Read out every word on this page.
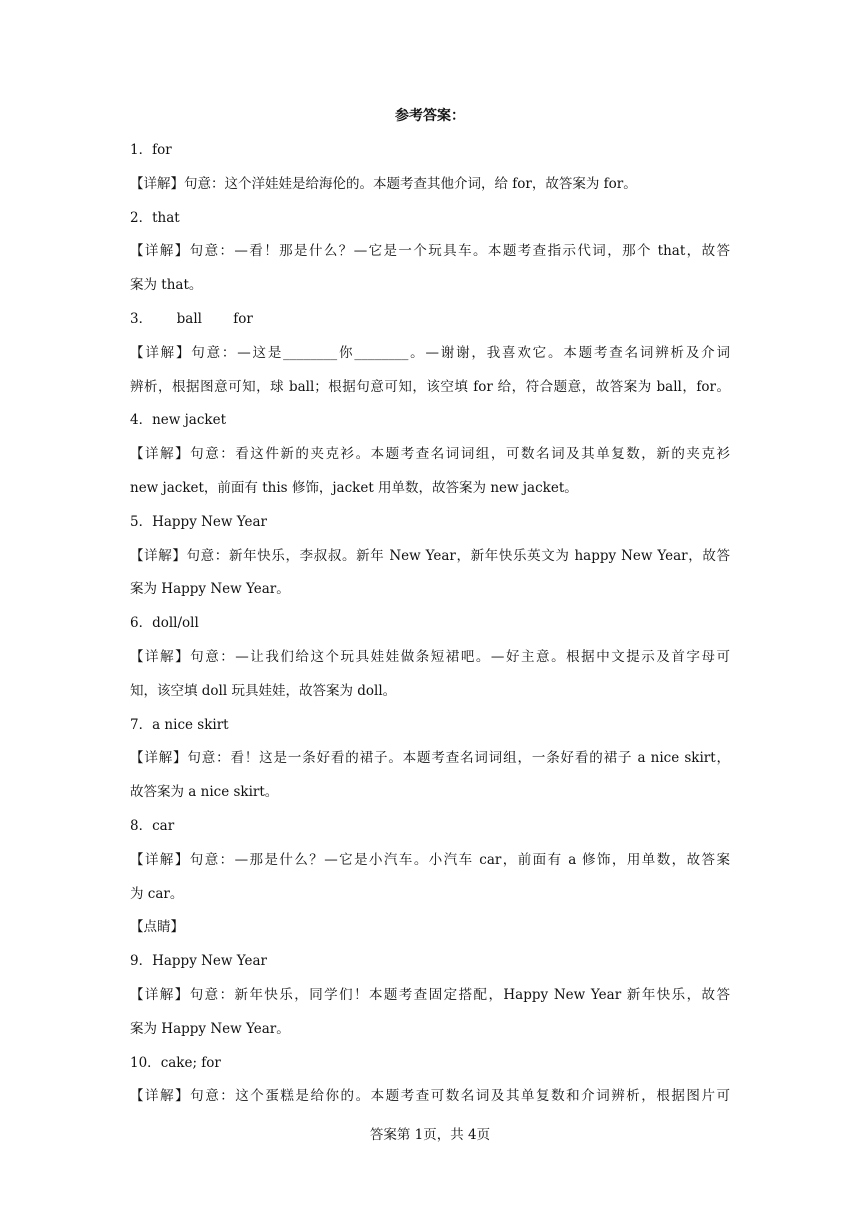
参考答案：
1．for
【详解】句意：这个洋娃娃是给海伦的。本题考查其他介词，给 for，故答案为 for。
2．that
【详解】句意：—看！那是什么？—它是一个玩具车。本题考查指示代词，那个 that，故答
案为 that。
3．　　 ball　　 for
【详解】句意：—这是________你________。—谢谢，我喜欢它。本题考查名词辨析及介词
辨析，根据图意可知，球 ball；根据句意可知，该空填 for 给，符合题意，故答案为 ball，for。
4．new jacket
【详解】句意：看这件新的夹克衫。本题考查名词词组，可数名词及其单复数，新的夹克衫
new jacket，前面有 this 修饰，jacket 用单数，故答案为 new jacket。
5．Happy New Year
【详解】句意：新年快乐，李叔叔。新年 New Year，新年快乐英文为 happy New Year，故答
案为 Happy New Year。
6．doll/oll
【详解】句意：—让我们给这个玩具娃娃做条短裙吧。—好主意。根据中文提示及首字母可
知，该空填 doll 玩具娃娃，故答案为 doll。
7．a nice skirt
【详解】句意：看！这是一条好看的裙子。本题考查名词词组，一条好看的裙子 a nice skirt，
故答案为 a nice skirt。
8．car
【详解】句意：—那是什么？—它是小汽车。小汽车 car，前面有 a 修饰，用单数，故答案
为 car。
【点睛】
9．Happy New Year
【详解】句意：新年快乐，同学们！本题考查固定搭配，Happy New Year 新年快乐，故答
案为 Happy New Year。
10．cake; for
【详解】句意：这个蛋糕是给你的。本题考查可数名词及其单复数和介词辨析，根据图片可
答案第 1页，共 4页
